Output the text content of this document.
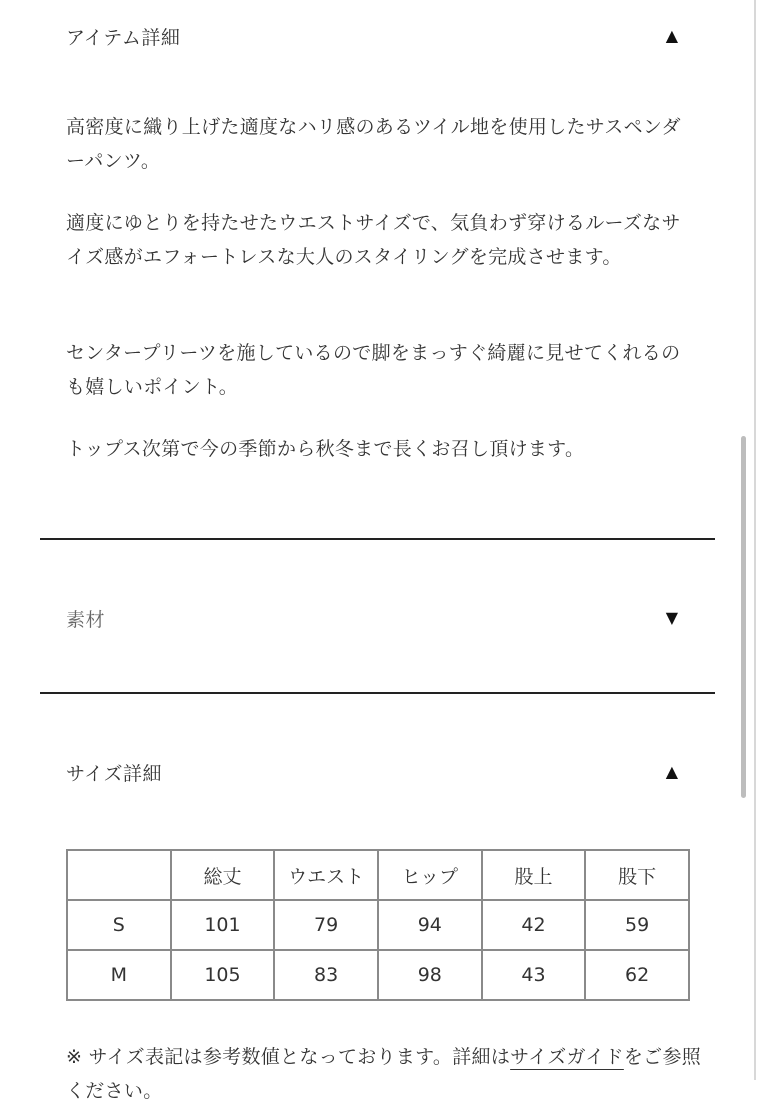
アイテム詳細	▲

高密度に織り上げた適度なハリ感のあるツイル地を使用したサスペンダーパンツ。

適度にゆとりを持たせたウエストサイズで、気負わず穿けるルーズなサイズ感がエフォートレスな大人のスタイリングを完成させます。

センタープリーツを施しているので脚をまっすぐ綺麗に見せてくれるのも嬉しいポイント。

トップス次第で今の季節から秋冬まで長くお召し頂けます。

素材	▼
サイズ詳細	▲
	総丈	ウエスト	ヒップ	股上	股下
S	101	79	94	42	59
M	105	83	98	43	62

※ サイズ表記は参考数値となっております。詳細はサイズガイドをご参照ください。
